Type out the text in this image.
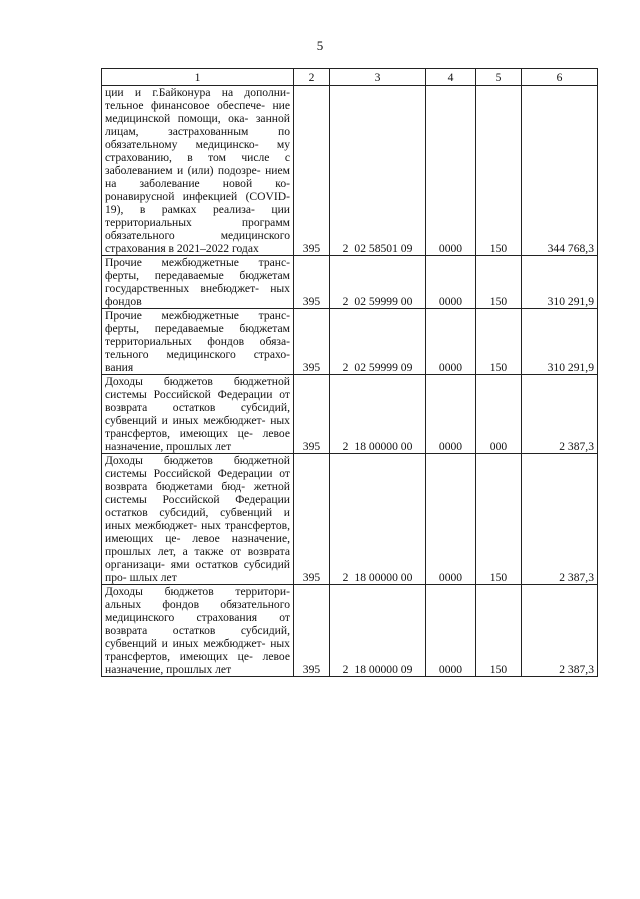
5
1	2	3	4	5	6
ции и г.Байконура на дополни- тельное финансовое обеспече- ние медицинской помощи, ока- занной лицам, застрахованным по обязательному медицинско- му страхованию, в том числе с заболеванием и (или) подозре- нием на заболевание новой ко- ронавирусной инфекцией (COVID-19), в рамках реализа- ции территориальных программ обязательного медицинского страхования в 2021–2022 годах	395	2 02 58501 09	0000	150	344 768,3
Прочие межбюджетные транс- ферты, передаваемые бюджетам государственных внебюджет- ных фондов	395	2 02 59999 00	0000	150	310 291,9
Прочие межбюджетные транс- ферты, передаваемые бюджетам территориальных фондов обяза- тельного медицинского страхо- вания	395	2 02 59999 09	0000	150	310 291,9
Доходы бюджетов бюджетной системы Российской Федерации от возврата остатков субсидий, субвенций и иных межбюджет- ных трансфертов, имеющих це- левое назначение, прошлых лет	395	2 18 00000 00	0000	000	2 387,3
Доходы бюджетов бюджетной системы Российской Федерации от возврата бюджетами бюд- жетной системы Российской Федерации остатков субсидий, субвенций и иных межбюджет- ных трансфертов, имеющих це- левое назначение, прошлых лет, а также от возврата организаци- ями остатков субсидий про- шлых лет	395	2 18 00000 00	0000	150	2 387,3
Доходы бюджетов территори- альных фондов обязательного медицинского страхования от возврата остатков субсидий, субвенций и иных межбюджет- ных трансфертов, имеющих це- левое назначение, прошлых лет	395	2 18 00000 09	0000	150	2 387,3
